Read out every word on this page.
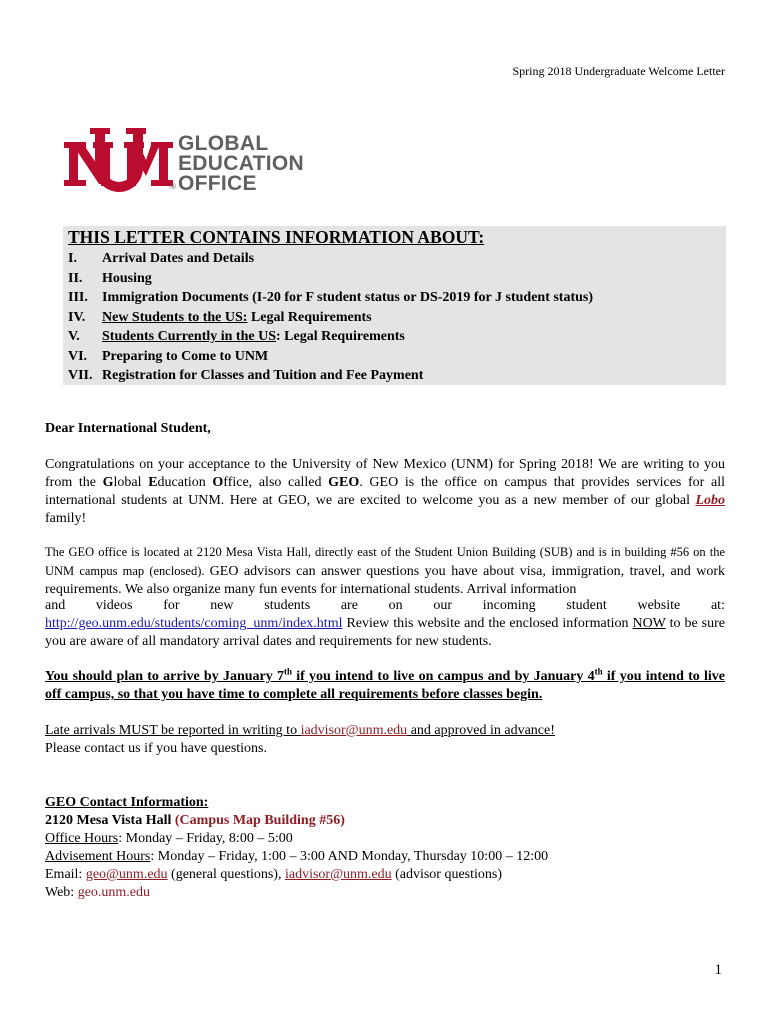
Spring 2018 Undergraduate Welcome Letter
®
GLOBAL
EDUCATION
OFFICE
THIS LETTER CONTAINS INFORMATION ABOUT:
I. Arrival Dates and Details
II. Housing
III. Immigration Documents (I-20 for F student status or DS-2019 for J student status)
IV. New Students to the US: Legal Requirements
V. Students Currently in the US: Legal Requirements
VI. Preparing to Come to UNM
VII. Registration for Classes and Tuition and Fee Payment
Dear International Student,
Congratulations on your acceptance to the University of New Mexico (UNM) for Spring 2018! We are writing to you from the Global Education Office, also called GEO. GEO is the office on campus that provides services for all international students at UNM. Here at GEO, we are excited to welcome you as a new member of our global Lobo family!
The GEO office is located at 2120 Mesa Vista Hall, directly east of the Student Union Building (SUB) and is in building #56 on the UNM campus map (enclosed). GEO advisors can answer questions you have about visa, immigration, travel, and work requirements. We also organize many fun events for international students. Arrival information
and videos for new students are on our incoming student website at:
http://geo.unm.edu/students/coming_unm/index.html Review this website and the enclosed information NOW to be sure you are aware of all mandatory arrival dates and requirements for new students.
You should plan to arrive by January 7th if you intend to live on campus and by January 4th if you intend to live off campus, so that you have time to complete all requirements before classes begin.
Late arrivals MUST be reported in writing to iadvisor@unm.edu and approved in advance!
Please contact us if you have questions.
GEO Contact Information:
2120 Mesa Vista Hall (Campus Map Building #56)
Office Hours: Monday – Friday, 8:00 – 5:00
Advisement Hours: Monday – Friday, 1:00 – 3:00 AND Monday, Thursday 10:00 – 12:00
Email: geo@unm.edu (general questions), iadvisor@unm.edu (advisor questions)
Web: geo.unm.edu
1
